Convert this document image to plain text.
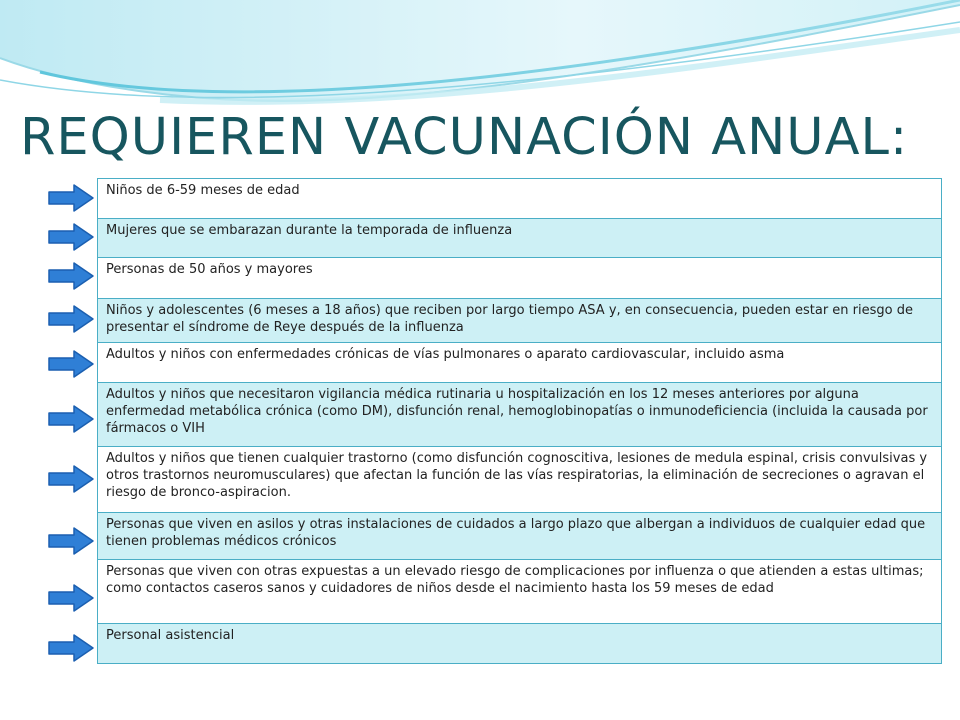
REQUIEREN VACUNACIÓN ANUAL:
Niños de 6-59 meses de edad
Mujeres que se embarazan durante la temporada de influenza
Personas de 50 años y mayores
Niños y adolescentes (6 meses a 18 años) que reciben por largo tiempo ASA y, en consecuencia, pueden estar en riesgo de presentar el síndrome de Reye después de la influenza
Adultos y niños con enfermedades crónicas de vías pulmonares o aparato cardiovascular, incluido asma
Adultos y niños que necesitaron vigilancia médica rutinaria u hospitalización en los 12 meses anteriores por alguna enfermedad metabólica crónica (como DM), disfunción renal, hemoglobinopatías o inmunodeficiencia (incluida la causada por fármacos o VIH
Adultos y niños que tienen cualquier trastorno (como disfunción cognoscitiva, lesiones de medula espinal, crisis convulsivas y otros trastornos neuromusculares) que afectan la función de las vías respiratorias, la eliminación de secreciones o agravan el riesgo de bronco-aspiracion.
Personas que viven en asilos y otras instalaciones de cuidados a largo plazo que albergan a individuos de cualquier edad que tienen problemas médicos crónicos
Personas que viven con otras expuestas a un elevado riesgo de complicaciones por influenza o que atienden a estas ultimas; como contactos caseros sanos y cuidadores de niños desde el nacimiento hasta los 59 meses de edad
Personal asistencial
